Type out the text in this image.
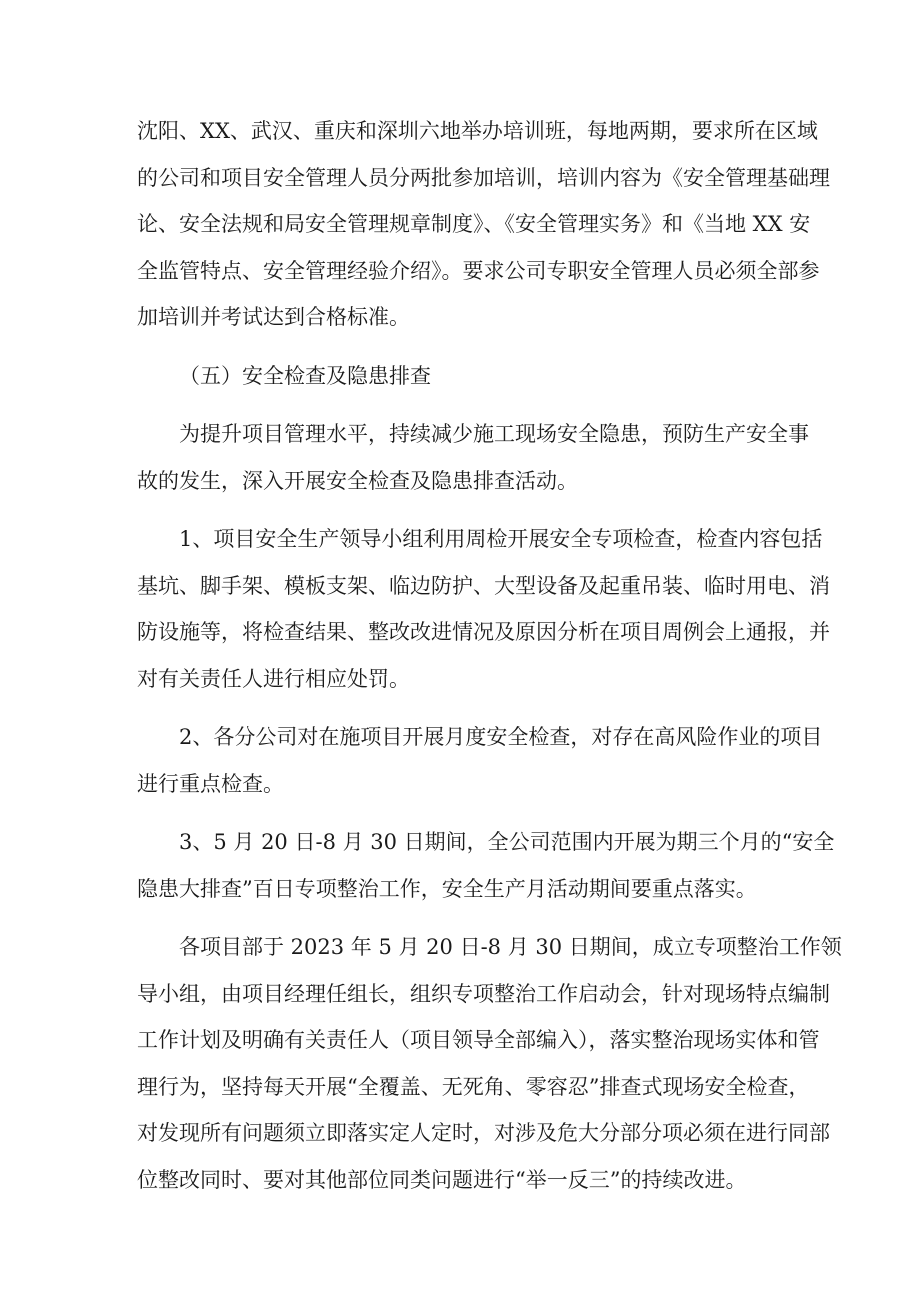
沈阳、XX、武汉、重庆和深圳六地举办培训班，每地两期，要求所在区域
的公司和项目安全管理人员分两批参加培训，培训内容为《安全管理基础理
论、安全法规和局安全管理规章制度》、《安全管理实务》和《当地 XX 安
全监管特点、安全管理经验介绍》。要求公司专职安全管理人员必须全部参
加培训并考试达到合格标准。
（五）安全检查及隐患排查
为提升项目管理水平，持续减少施工现场安全隐患，预防生产安全事
故的发生，深入开展安全检查及隐患排查活动。
1、项目安全生产领导小组利用周检开展安全专项检查，检查内容包括
基坑、脚手架、模板支架、临边防护、大型设备及起重吊装、临时用电、消
防设施等，将检查结果、整改改进情况及原因分析在项目周例会上通报，并
对有关责任人进行相应处罚。
2、各分公司对在施项目开展月度安全检查，对存在高风险作业的项目
进行重点检查。
3、5 月 20 日-8 月 30 日期间，全公司范围内开展为期三个月的“安全
隐患大排查”百日专项整治工作，安全生产月活动期间要重点落实。
各项目部于 2023 年 5 月 20 日-8 月 30 日期间，成立专项整治工作领
导小组，由项目经理任组长，组织专项整治工作启动会，针对现场特点编制
工作计划及明确有关责任人（项目领导全部编入），落实整治现场实体和管
理行为，坚持每天开展“全覆盖、无死角、零容忍”排查式现场安全检查，
对发现所有问题须立即落实定人定时，对涉及危大分部分项必须在进行同部
位整改同时、要对其他部位同类问题进行“举一反三”的持续改进。
